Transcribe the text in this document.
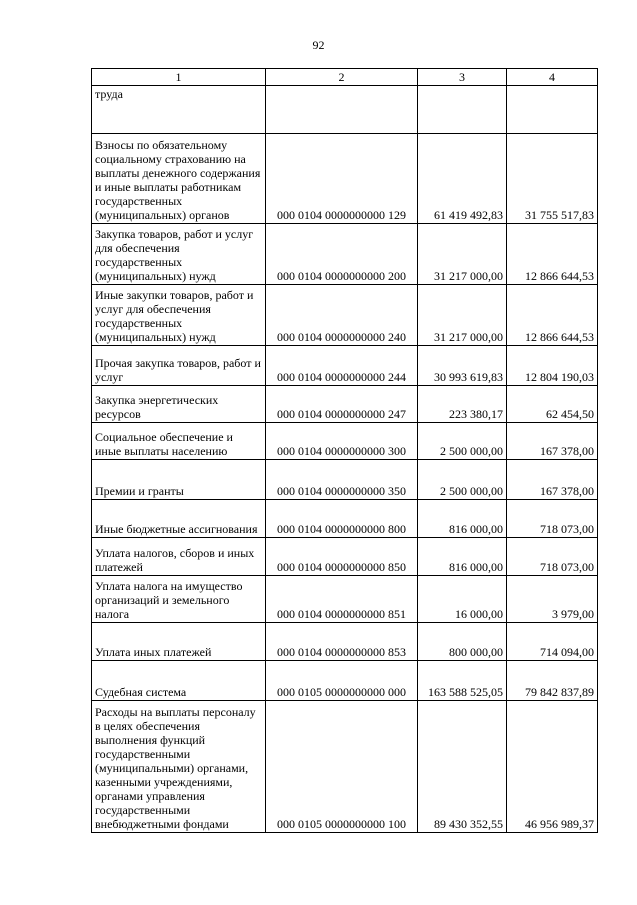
92
1	2	3	4
труда			
Взносы по обязательному социальному страхованию на выплаты денежного содержания и иные выплаты работникам государственных (муниципальных) органов	000 0104 0000000000 129	61 419 492,83	31 755 517,83
Закупка товаров, работ и услуг для обеспечения государственных (муниципальных) нужд	000 0104 0000000000 200	31 217 000,00	12 866 644,53
Иные закупки товаров, работ и услуг для обеспечения государственных (муниципальных) нужд	000 0104 0000000000 240	31 217 000,00	12 866 644,53
Прочая закупка товаров, работ и услуг	000 0104 0000000000 244	30 993 619,83	12 804 190,03
Закупка энергетических ресурсов	000 0104 0000000000 247	223 380,17	62 454,50
Социальное обеспечение и иные выплаты населению	000 0104 0000000000 300	2 500 000,00	167 378,00
Премии и гранты	000 0104 0000000000 350	2 500 000,00	167 378,00
Иные бюджетные ассигнования	000 0104 0000000000 800	816 000,00	718 073,00
Уплата налогов, сборов и иных платежей	000 0104 0000000000 850	816 000,00	718 073,00
Уплата налога на имущество организаций и земельного налога	000 0104 0000000000 851	16 000,00	3 979,00
Уплата иных платежей	000 0104 0000000000 853	800 000,00	714 094,00
Судебная система	000 0105 0000000000 000	163 588 525,05	79 842 837,89
Расходы на выплаты персоналу в целях обеспечения выполнения функций государственными (муниципальными) органами, казенными учреждениями, органами управления государственными внебюджетными фондами	000 0105 0000000000 100	89 430 352,55	46 956 989,37
